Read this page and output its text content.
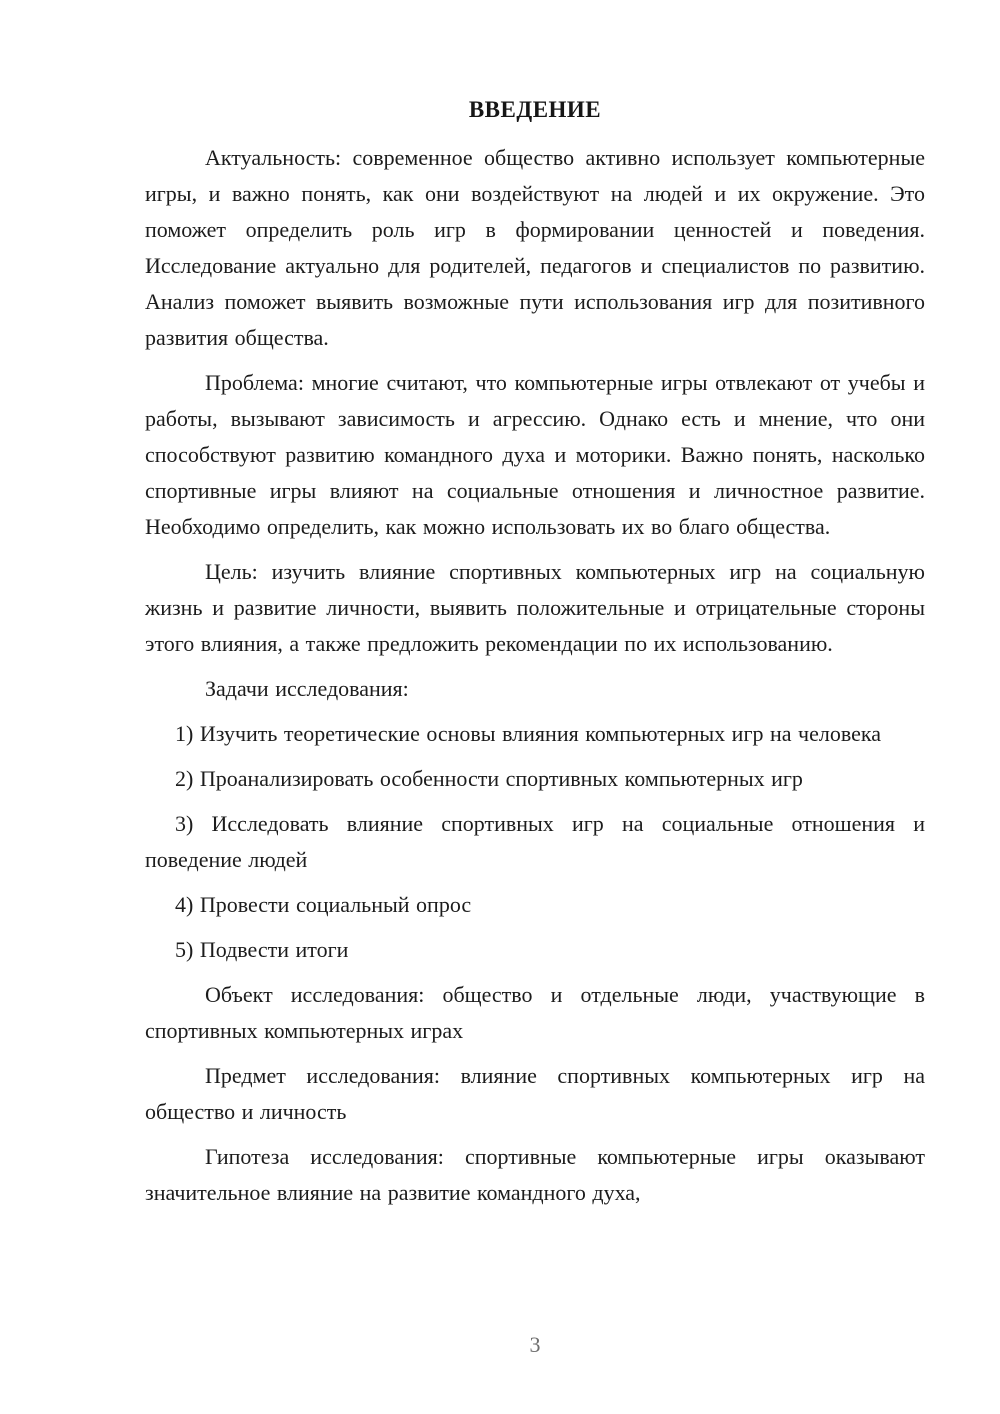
ВВЕДЕНИЕ

Актуальность: современное общество активно использует компьютерные игры, и важно понять, как они воздействуют на людей и их окружение. Это поможет определить роль игр в формировании ценностей и поведения. Исследование актуально для родителей, педагогов и специалистов по развитию. Анализ поможет выявить возможные пути использования игр для позитивного развития общества.

Проблема: многие считают, что компьютерные игры отвлекают от учебы и работы, вызывают зависимость и агрессию. Однако есть и мнение, что они способствуют развитию командного духа и моторики. Важно понять, насколько спортивные игры влияют на социальные отношения и личностное развитие. Необходимо определить, как можно использовать их во благо общества.

Цель: изучить влияние спортивных компьютерных игр на социальную жизнь и развитие личности, выявить положительные и отрицательные стороны этого влияния, а также предложить рекомендации по их использованию.

Задачи исследования:

1) Изучить теоретические основы влияния компьютерных игр на человека

2) Проанализировать особенности спортивных компьютерных игр

3) Исследовать влияние спортивных игр на социальные отношения и поведение людей

4) Провести социальный опрос

5) Подвести итоги

Объект исследования: общество и отдельные люди, участвующие в спортивных компьютерных играх

Предмет исследования: влияние спортивных компьютерных игр на общество и личность

Гипотеза исследования: спортивные компьютерные игры оказывают значительное влияние на развитие командного духа,

3
